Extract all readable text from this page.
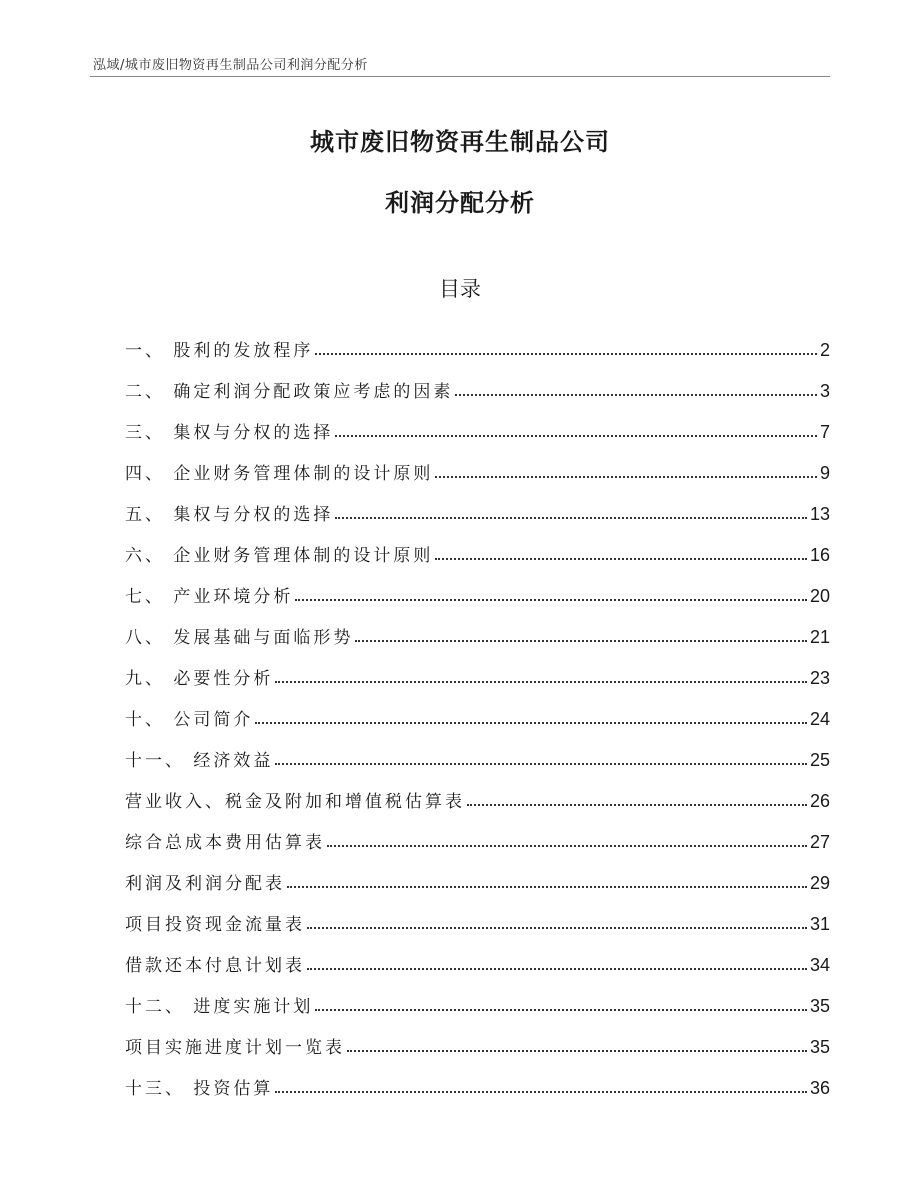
泓域/城市废旧物资再生制品公司利润分配分析
城市废旧物资再生制品公司
利润分配分析
目录
一、 股利的发放程序	2
二、 确定利润分配政策应考虑的因素	3
三、 集权与分权的选择	7
四、 企业财务管理体制的设计原则	9
五、 集权与分权的选择	13
六、 企业财务管理体制的设计原则	16
七、 产业环境分析	20
八、 发展基础与面临形势	21
九、 必要性分析	23
十、 公司简介	24
十一、 经济效益	25
营业收入、税金及附加和增值税估算表	26
综合总成本费用估算表	27
利润及利润分配表	29
项目投资现金流量表	31
借款还本付息计划表	34
十二、 进度实施计划	35
项目实施进度计划一览表	35
十三、 投资估算	36
